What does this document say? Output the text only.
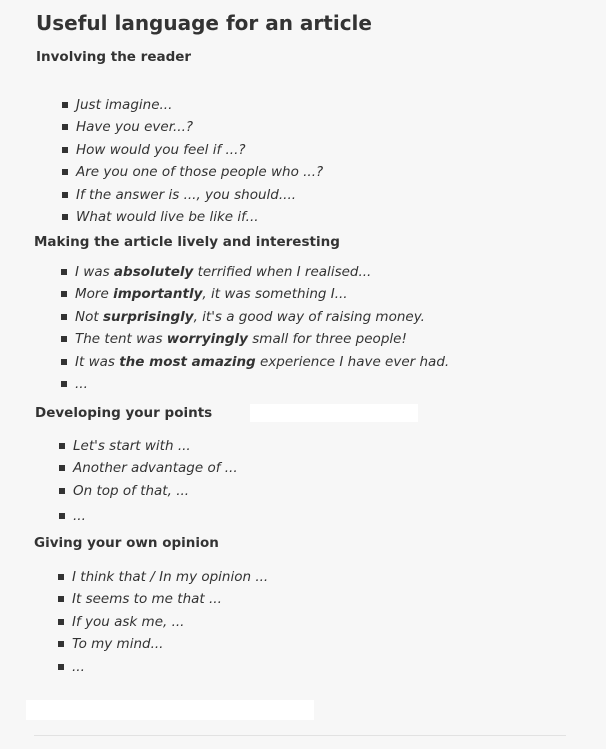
Useful language for an article
Involving the reader
Just imagine...
Have you ever...?
How would you feel if ...?
Are you one of those people who ...?
If the answer is ..., you should....
What would live be like if...
Making the article lively and interesting
I was absolutely terrified when I realised...
More importantly, it was something I...
Not surprisingly, it's a good way of raising money.
The tent was worryingly small for three people!
It was the most amazing experience I have ever had.
...
Developing your points
Let's start with ...
Another advantage of ...
On top of that, ...
...
Giving your own opinion
I think that / In my opinion ...
It seems to me that ...
If you ask me, ...
To my mind...
...
